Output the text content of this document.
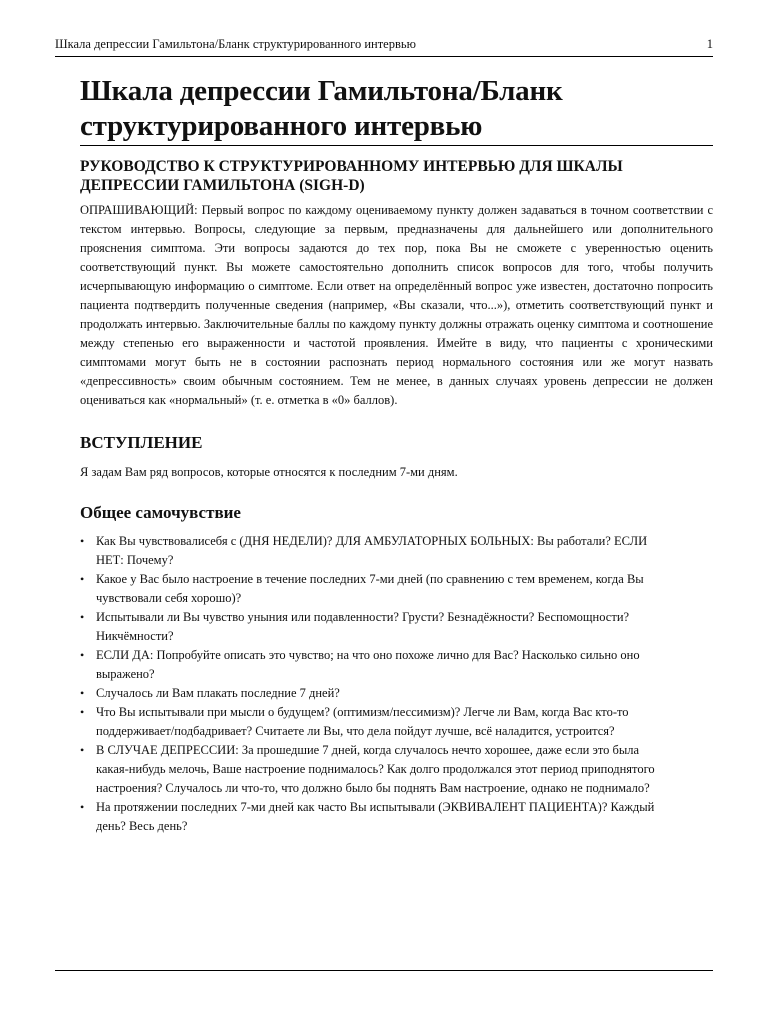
Шкала депрессии Гамильтона/Бланк структурированного интервью	1
Шкала депрессии Гамильтона/Бланк
структурированного интервью
РУКОВОДСТВО К СТРУКТУРИРОВАННОМУ ИНТЕРВЬЮ ДЛЯ ШКАЛЫ
ДЕПРЕССИИ ГАМИЛЬТОНА (SIGH-D)

ОПРАШИВАЮЩИЙ: Первый вопрос по каждому оцениваемому пункту должен задаваться в точном соответствии с текстом интервью. Вопросы, следующие за первым, предназначены для дальнейшего или дополнительного прояснения симптома. Эти вопросы задаются до тех пор, пока Вы не сможете с уверенностью оценить соответствующий пункт. Вы можете самостоятельно дополнить список вопросов для того, чтобы получить исчерпывающую информацию о симптоме. Если ответ на определённый вопрос уже известен, достаточно попросить пациента подтвердить полученные сведения (например, «Вы сказали, что...»), отметить соответствующий пункт и продолжать интервью. Заключительные баллы по каждому пункту должны отражать оценку симптома и соотношение между степенью его выраженности и частотой проявления. Имейте в виду, что пациенты с хроническими симптомами могут быть не в состоянии распознать период нормального состояния или же могут назвать «депрессивность» своим обычным состоянием. Тем не менее, в данных случаях уровень депрессии не должен оцениваться как «нормальный» (т. е. отметка в «0» баллов).

ВСТУПЛЕНИЕ

Я задам Вам ряд вопросов, которые относятся к последним 7-ми дням.

Общее самочувствие
• Как Вы чувствовалисебя с (ДНЯ НЕДЕЛИ)? ДЛЯ АМБУЛАТОРНЫХ БОЛЬНЫХ: Вы работали? ЕСЛИ НЕТ: Почему?
• Какое у Вас было настроение в течение последних 7-ми дней (по сравнению с тем временем, когда Вы чувствовали себя хорошо)?
• Испытывали ли Вы чувство уныния или подавленности? Грусти? Безнадёжности? Беспомощности? Никчёмности?
• ЕСЛИ ДА: Попробуйте описать это чувство; на что оно похоже лично для Вас? Насколько сильно оно выражено?
• Случалось ли Вам плакать последние 7 дней?
• Что Вы испытывали при мысли о будущем? (оптимизм/пессимизм)? Легче ли Вам, когда Вас кто-то поддерживает/подбадривает? Считаете ли Вы, что дела пойдут лучше, всё наладится, устроится?
• В СЛУЧАЕ ДЕПРЕССИИ: За прошедшие 7 дней, когда случалось нечто хорошее, даже если это была какая-нибудь мелочь, Ваше настроение поднималось? Как долго продолжался этот период приподнятого настроения? Случалось ли что-то, что должно было бы поднять Вам настроение, однако не поднимало?
• На протяжении последних 7-ми дней как часто Вы испытывали (ЭКВИВАЛЕНТ ПАЦИЕНТА)? Каждый день? Весь день?
